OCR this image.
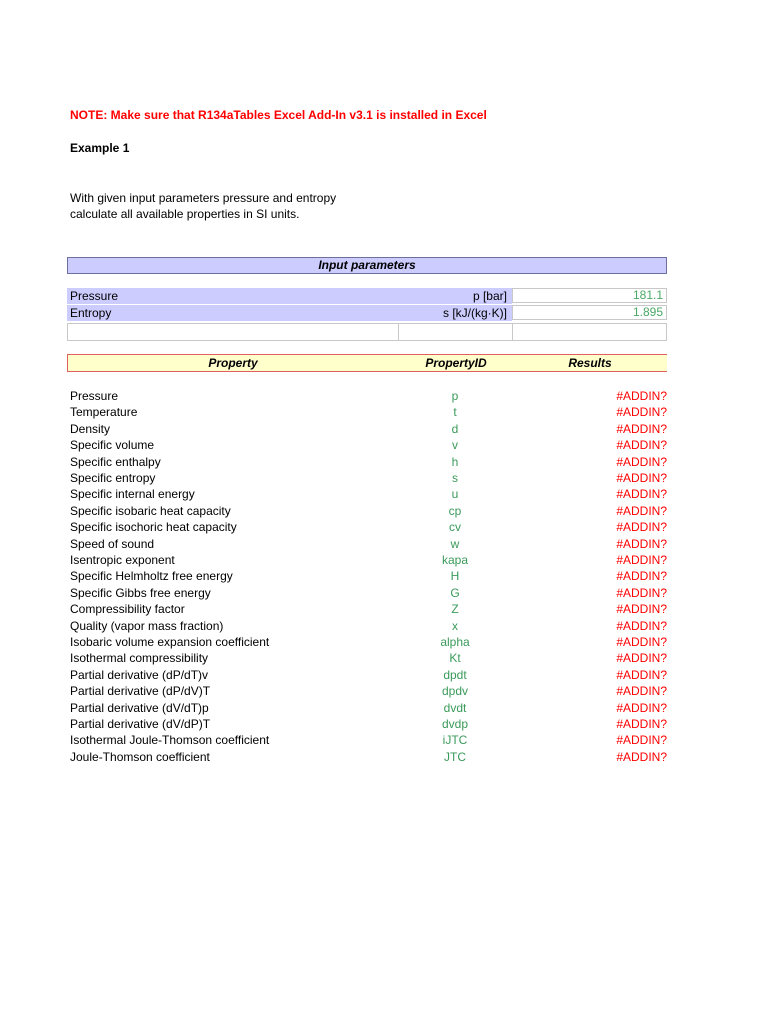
NOTE: Make sure that R134aTables Excel Add-In v3.1 is installed in Excel
Example 1
With given input parameters pressure and entropy
calculate all available properties in SI units.
Input parameters
Pressure	p [bar]	181.1
Entropy	s [kJ/(kg·K)]	1.895
Property	PropertyID	Results
Pressure	p	#ADDIN?
Temperature	t	#ADDIN?
Density	d	#ADDIN?
Specific volume	v	#ADDIN?
Specific enthalpy	h	#ADDIN?
Specific entropy	s	#ADDIN?
Specific internal energy	u	#ADDIN?
Specific isobaric heat capacity	cp	#ADDIN?
Specific isochoric heat capacity	cv	#ADDIN?
Speed of sound	w	#ADDIN?
Isentropic exponent	kapa	#ADDIN?
Specific Helmholtz free energy	H	#ADDIN?
Specific Gibbs free energy	G	#ADDIN?
Compressibility factor	Z	#ADDIN?
Quality (vapor mass fraction)	x	#ADDIN?
Isobaric volume expansion coefficient	alpha	#ADDIN?
Isothermal compressibility	Kt	#ADDIN?
Partial derivative (dP/dT)v	dpdt	#ADDIN?
Partial derivative (dP/dV)T	dpdv	#ADDIN?
Partial derivative (dV/dT)p	dvdt	#ADDIN?
Partial derivative (dV/dP)T	dvdp	#ADDIN?
Isothermal Joule-Thomson coefficient	iJTC	#ADDIN?
Joule-Thomson coefficient	JTC	#ADDIN?
